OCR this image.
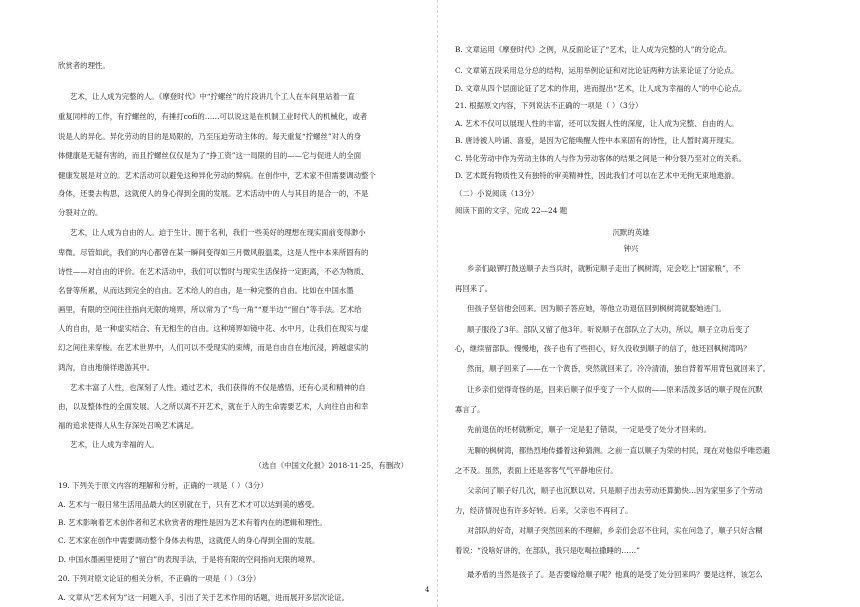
欣赏者的理性。
艺术，让人成为完整的人。《摩登时代》中“拧螺丝”的片段讲几个工人在车间里站着一直
重复同样的工作，有拧螺丝的，有捶打cofí的……可以说这是在机制工业时代人的机械化，或者
说是人的异化。异化劳动的目的是局限的，乃至压迫劳动主体的。每天重复“拧螺丝”对人的身
体健康是无疑有害的，而且拧螺丝仅仅是为了“挣工资”这一局限的目的——它与促进人的全面
健康发展是对立的。艺术活动可以避免这种异化劳动的弊病。在创作中，艺术家不但需要调动整个
身体，还要去构思，这就使人的身心得到全面的发展。艺术活动中的人与其目的是合一的，不是
分裂对立的。
艺术，让人成为自由的人。迫于生计、囿于名利，我们一些美好的理想在现实面前变得渺小
卑微。尽管如此，我们的内心都曾在某一瞬间变得如三月微风般温柔，这是人性中本来所固有的
诗性——对自由的评价。在艺术活动中，我们可以暂时与现实生活保持一定距离，不必为物质、
名誉等所累，从而达到完全的自由。艺术给人的自由，是一种完整的自由。比如在中国水墨
画里，有限的空间往往指向无限的境界，所以常为了“鸟一角”“夏半边”“留白”等手法。艺术给
人的自由，是一种虚实结合、有无相生的自由。这种境界如镜中花、水中月，让我们在现实与虚
幻之间往来穿梭。在艺术世界中，人们可以不受现实的束缚，而是自由自在地沉浸，跨越虚实的
鸿沟，自由地徜徉遨游其中。
艺术丰富了人性，也深刻了人性。通过艺术，我们获得的不仅是感悟，还有心灵和精神的自
由，以及整体性的全面发展。人之所以离不开艺术，就在于人的生命需要艺术，人向往自由和幸
福的追求使得人从生存深处召唤艺术满足。
艺术，让人成为幸福的人。
（选自《中国文化报》2018-11-25，有删改）
19. 下列关于原文内容的理解和分析，正确的一项是（ ）（3分）
A. 艺术与一般日常生活用品最大的区别就在于，只有艺术才可以达到美的感受。
B. 艺术影响着艺术创作者和艺术欣赏者的理性是因为艺术有着内在的逻辑和理性。
C. 艺术家在创作中需要调动整个身体去构思，这就使人的身心得到全面的发展。
D. 中国水墨画里使用了“留白”的表现手法，于是将有限的空间指向无限的境界。
20. 下列对原文论证的相关分析，不正确的一项是（ ）（3分）
A. 文章从“艺术何为”这一问题入手，引出了关于艺术作用的话题，进而展开多层次论证。
B. 文章运用《摩登时代》之例，从反面论证了“艺术，让人成为完整的人”的分论点。
C. 文章第五段采用总分总的结构，运用举例论证和对比论证两种方法来论证了分论点。
D. 文章从四个层面论证了艺术的作用，进而提出“艺术，让人成为幸福的人”的中心论点。
21. 根据原文内容，下列说法不正确的一项是（ ）（3分）
A. 艺术不仅可以展现人性的丰富，还可以发掘人性的深度，让人成为完整、自由的人。
B. 唐诗被人吟诵、喜爱，是因为它能唤醒人性中本来固有的诗性，让人暂时离开现实。
C. 异化劳动中作为劳动主体的人与作为劳动客体的结果之间是一种分裂乃至对立的关系。
D. 艺术既有物质性又有独特的审美精神性，因此我们才可以在艺术中无拘无束地遨游。
（二）小说阅读（13分）
阅读下面的文字，完成 22—24 题
沉默的英雄
钟兴
乡亲们敲锣打鼓送顺子去当兵时，就断定顺子走出了枫树湾，定会吃上“国家粮”，不
再回来了。
但孩子坚信他会回来。因为顺子答应她，等他立功退伍回到枫树湾就娶她进门。
顺子服役了3年。部队又留了他3年。听说顺子在部队立了大功，所以，顺子立功后变了
心，继续留部队。慢慢地，孩子也有了些担心，好久没收到顺子的信了，他还回枫树湾吗？
然而，顺子回来了——在一个黄昏，突然就回来了。冷冷清清，独自背着军用背包就回来了。
让乡亲们觉得奇怪的是，回来后顺子似乎变了一个人似的——原来活泼多话的顺子现在沉默
寡言了。
先前退伍的坯材就断定，顺子一定是犯了错误，一定是受了处分才回来的。
无聊的枫树湾，都热烈地传播着这种猜测。之前一直以顺子为荣的村民，现在对他似乎唯恐避
之不及。虽然，表面上还是客客气气平静地应付。
父亲问了顺子好几次，顺子也沉默以对。只是顺子出去劳动还算勤快…因为家里多了个劳动
力，经济情况也有许多好转。后来，父亲也不再问了。
对部队的好奇，对顺子突然回来的不理解，乡亲们会忍不住问，实在问急了，顺子只好含糊
着说：“没啥好讲的，在部队，我只是吃喝拉撒睡的……”
最矛盾的当然是孩子了。是否要嫁给顺子呢？他真的是受了处分回来吗？要是这样，该怎么
4
